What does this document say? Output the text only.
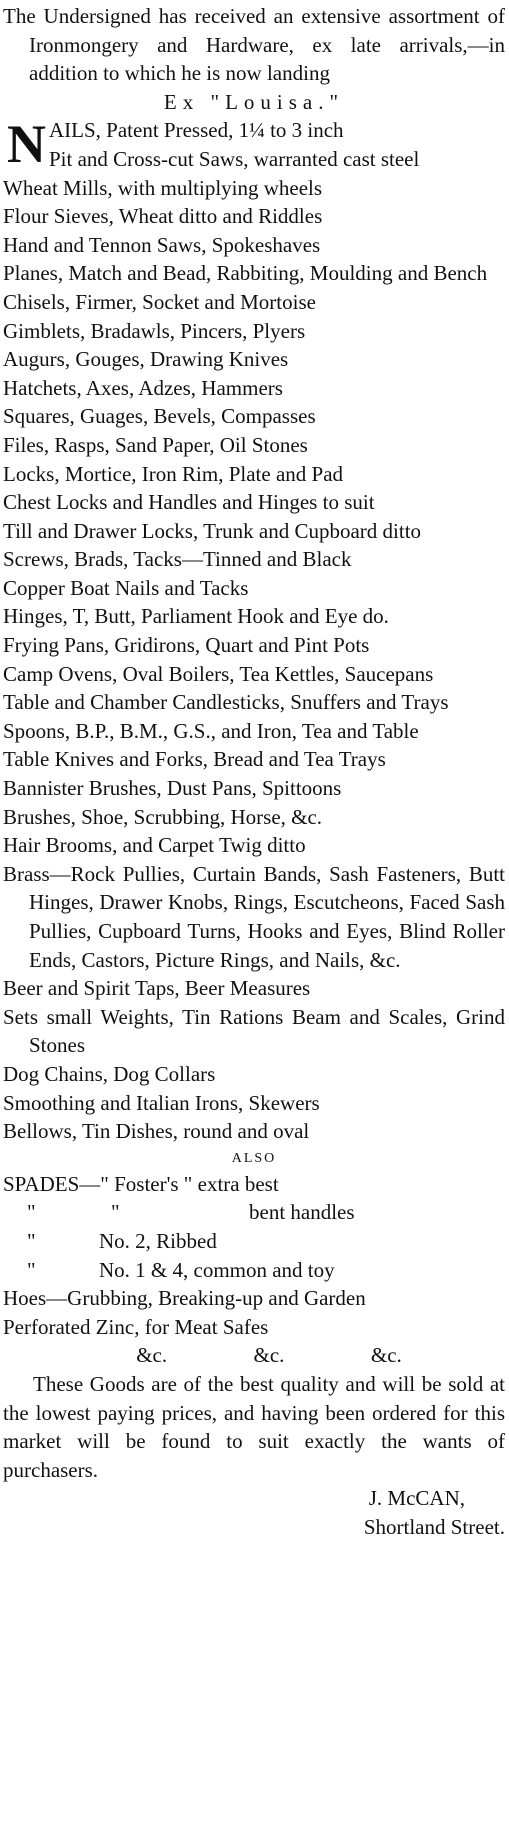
The Undersigned has received an extensive assortment of Ironmongery and Hardware, ex late arrivals,—in addition to which he is now landing
Ex "Louisa."
N AILS, Patent Pressed, 1¼ to 3 inch
Pit and Cross-cut Saws, warranted cast steel
Wheat Mills, with multiplying wheels
Flour Sieves, Wheat ditto and Riddles
Hand and Tennon Saws, Spokeshaves
Planes, Match and Bead, Rabbiting, Moulding and Bench
Chisels, Firmer, Socket and Mortoise
Gimblets, Bradawls, Pincers, Plyers
Augurs, Gouges, Drawing Knives
Hatchets, Axes, Adzes, Hammers
Squares, Guages, Bevels, Compasses
Files, Rasps, Sand Paper, Oil Stones
Locks, Mortice, Iron Rim, Plate and Pad
Chest Locks and Handles and Hinges to suit
Till and Drawer Locks, Trunk and Cupboard ditto
Screws, Brads, Tacks—Tinned and Black
Copper Boat Nails and Tacks
Hinges, T, Butt, Parliament Hook and Eye do.
Frying Pans, Gridirons, Quart and Pint Pots
Camp Ovens, Oval Boilers, Tea Kettles, Saucepans
Table and Chamber Candlesticks, Snuffers and Trays
Spoons, B.P., B.M., G.S., and Iron, Tea and Table
Table Knives and Forks, Bread and Tea Trays
Bannister Brushes, Dust Pans, Spittoons
Brushes, Shoe, Scrubbing, Horse, &c.
Hair Brooms, and Carpet Twig ditto
Brass—Rock Pullies, Curtain Bands, Sash Fasteners, Butt Hinges, Drawer Knobs, Rings, Escutcheons, Faced Sash Pullies, Cupboard Turns, Hooks and Eyes, Blind Roller Ends, Castors, Picture Rings, and Nails, &c.
Beer and Spirit Taps, Beer Measures
Sets small Weights, Tin Rations Beam and Scales, Grind Stones
Dog Chains, Dog Collars
Smoothing and Italian Irons, Skewers
Bellows, Tin Dishes, round and oval
ALSO
SPADES—" Foster's " extra best
"	"	bent handles
"	No. 2, Ribbed
"	No. 1 & 4, common and toy
Hoes—Grubbing, Breaking-up and Garden
Perforated Zinc, for Meat Safes
&c.	&c.	&c.
These Goods are of the best quality and will be sold at the lowest paying prices, and having been ordered for this market will be found to suit exactly the wants of purchasers.
J. McCAN,
Shortland Street.
